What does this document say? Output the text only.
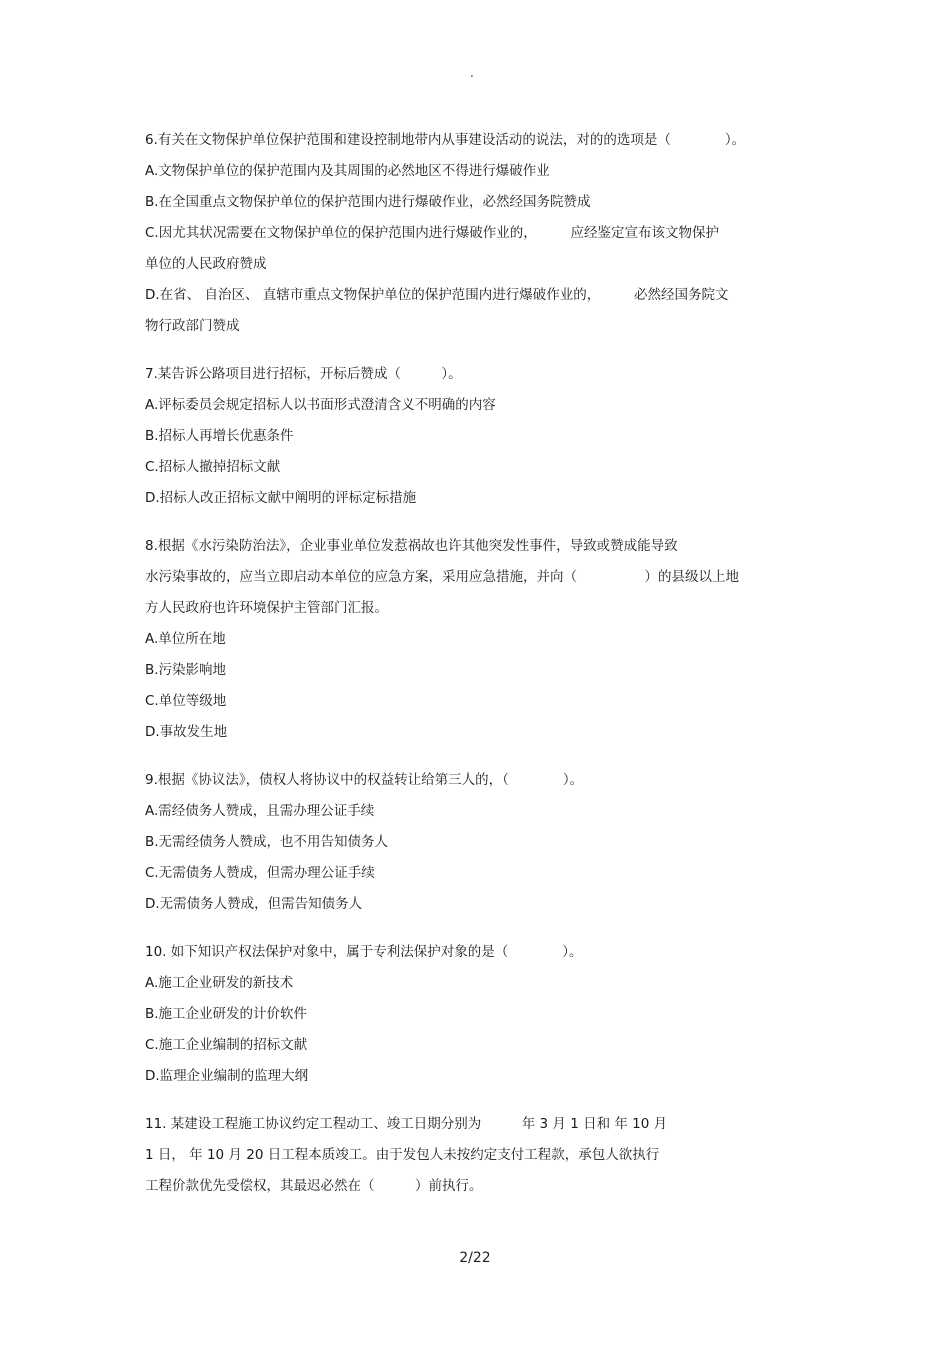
.
6.有关在文物保护单位保护范围和建设控制地带内从事建设活动的说法，对的的选项是（　　　　）。
A.文物保护单位的保护范围内及其周围的必然地区不得进行爆破作业
B.在全国重点文物保护单位的保护范围内进行爆破作业，必然经国务院赞成
C.因尤其状况需要在文物保护单位的保护范围内进行爆破作业的，　　　应经鉴定宣布该文物保护
单位的人民政府赞成
D.在省、 自治区、 直辖市重点文物保护单位的保护范围内进行爆破作业的，　　　必然经国务院文
物行政部门赞成
7.某告诉公路项目进行招标，开标后赞成（　　　）。
A.评标委员会规定招标人以书面形式澄清含义不明确的内容
B.招标人再增长优惠条件
C.招标人撤掉招标文献
D.招标人改正招标文献中阐明的评标定标措施
8.根据《水污染防治法》，企业事业单位发惹祸故也许其他突发性事件，导致或赞成能导致
水污染事故的，应当立即启动本单位的应急方案，采用应急措施，并向（　　　　　）的县级以上地
方人民政府也许环境保护主管部门汇报。
A.单位所在地
B.污染影响地
C.单位等级地
D.事故发生地
9.根据《协议法》，债权人将协议中的权益转让给第三人的，（　　　　）。
A.需经债务人赞成，且需办理公证手续
B.无需经债务人赞成，也不用告知债务人
C.无需债务人赞成，但需办理公证手续
D.无需债务人赞成，但需告知债务人
10. 如下知识产权法保护对象中，属于专利法保护对象的是（　　　　）。
A.施工企业研发的新技术
B.施工企业研发的计价软件
C.施工企业编制的招标文献
D.监理企业编制的监理大纲
11. 某建设工程施工协议约定工程动工、竣工日期分别为　　　年 3 月 1 日和 年 10 月
1 日， 年 10 月 20 日工程本质竣工。由于发包人未按约定支付工程款，承包人欲执行
工程价款优先受偿权，其最迟必然在（　　　）前执行。
2/22
